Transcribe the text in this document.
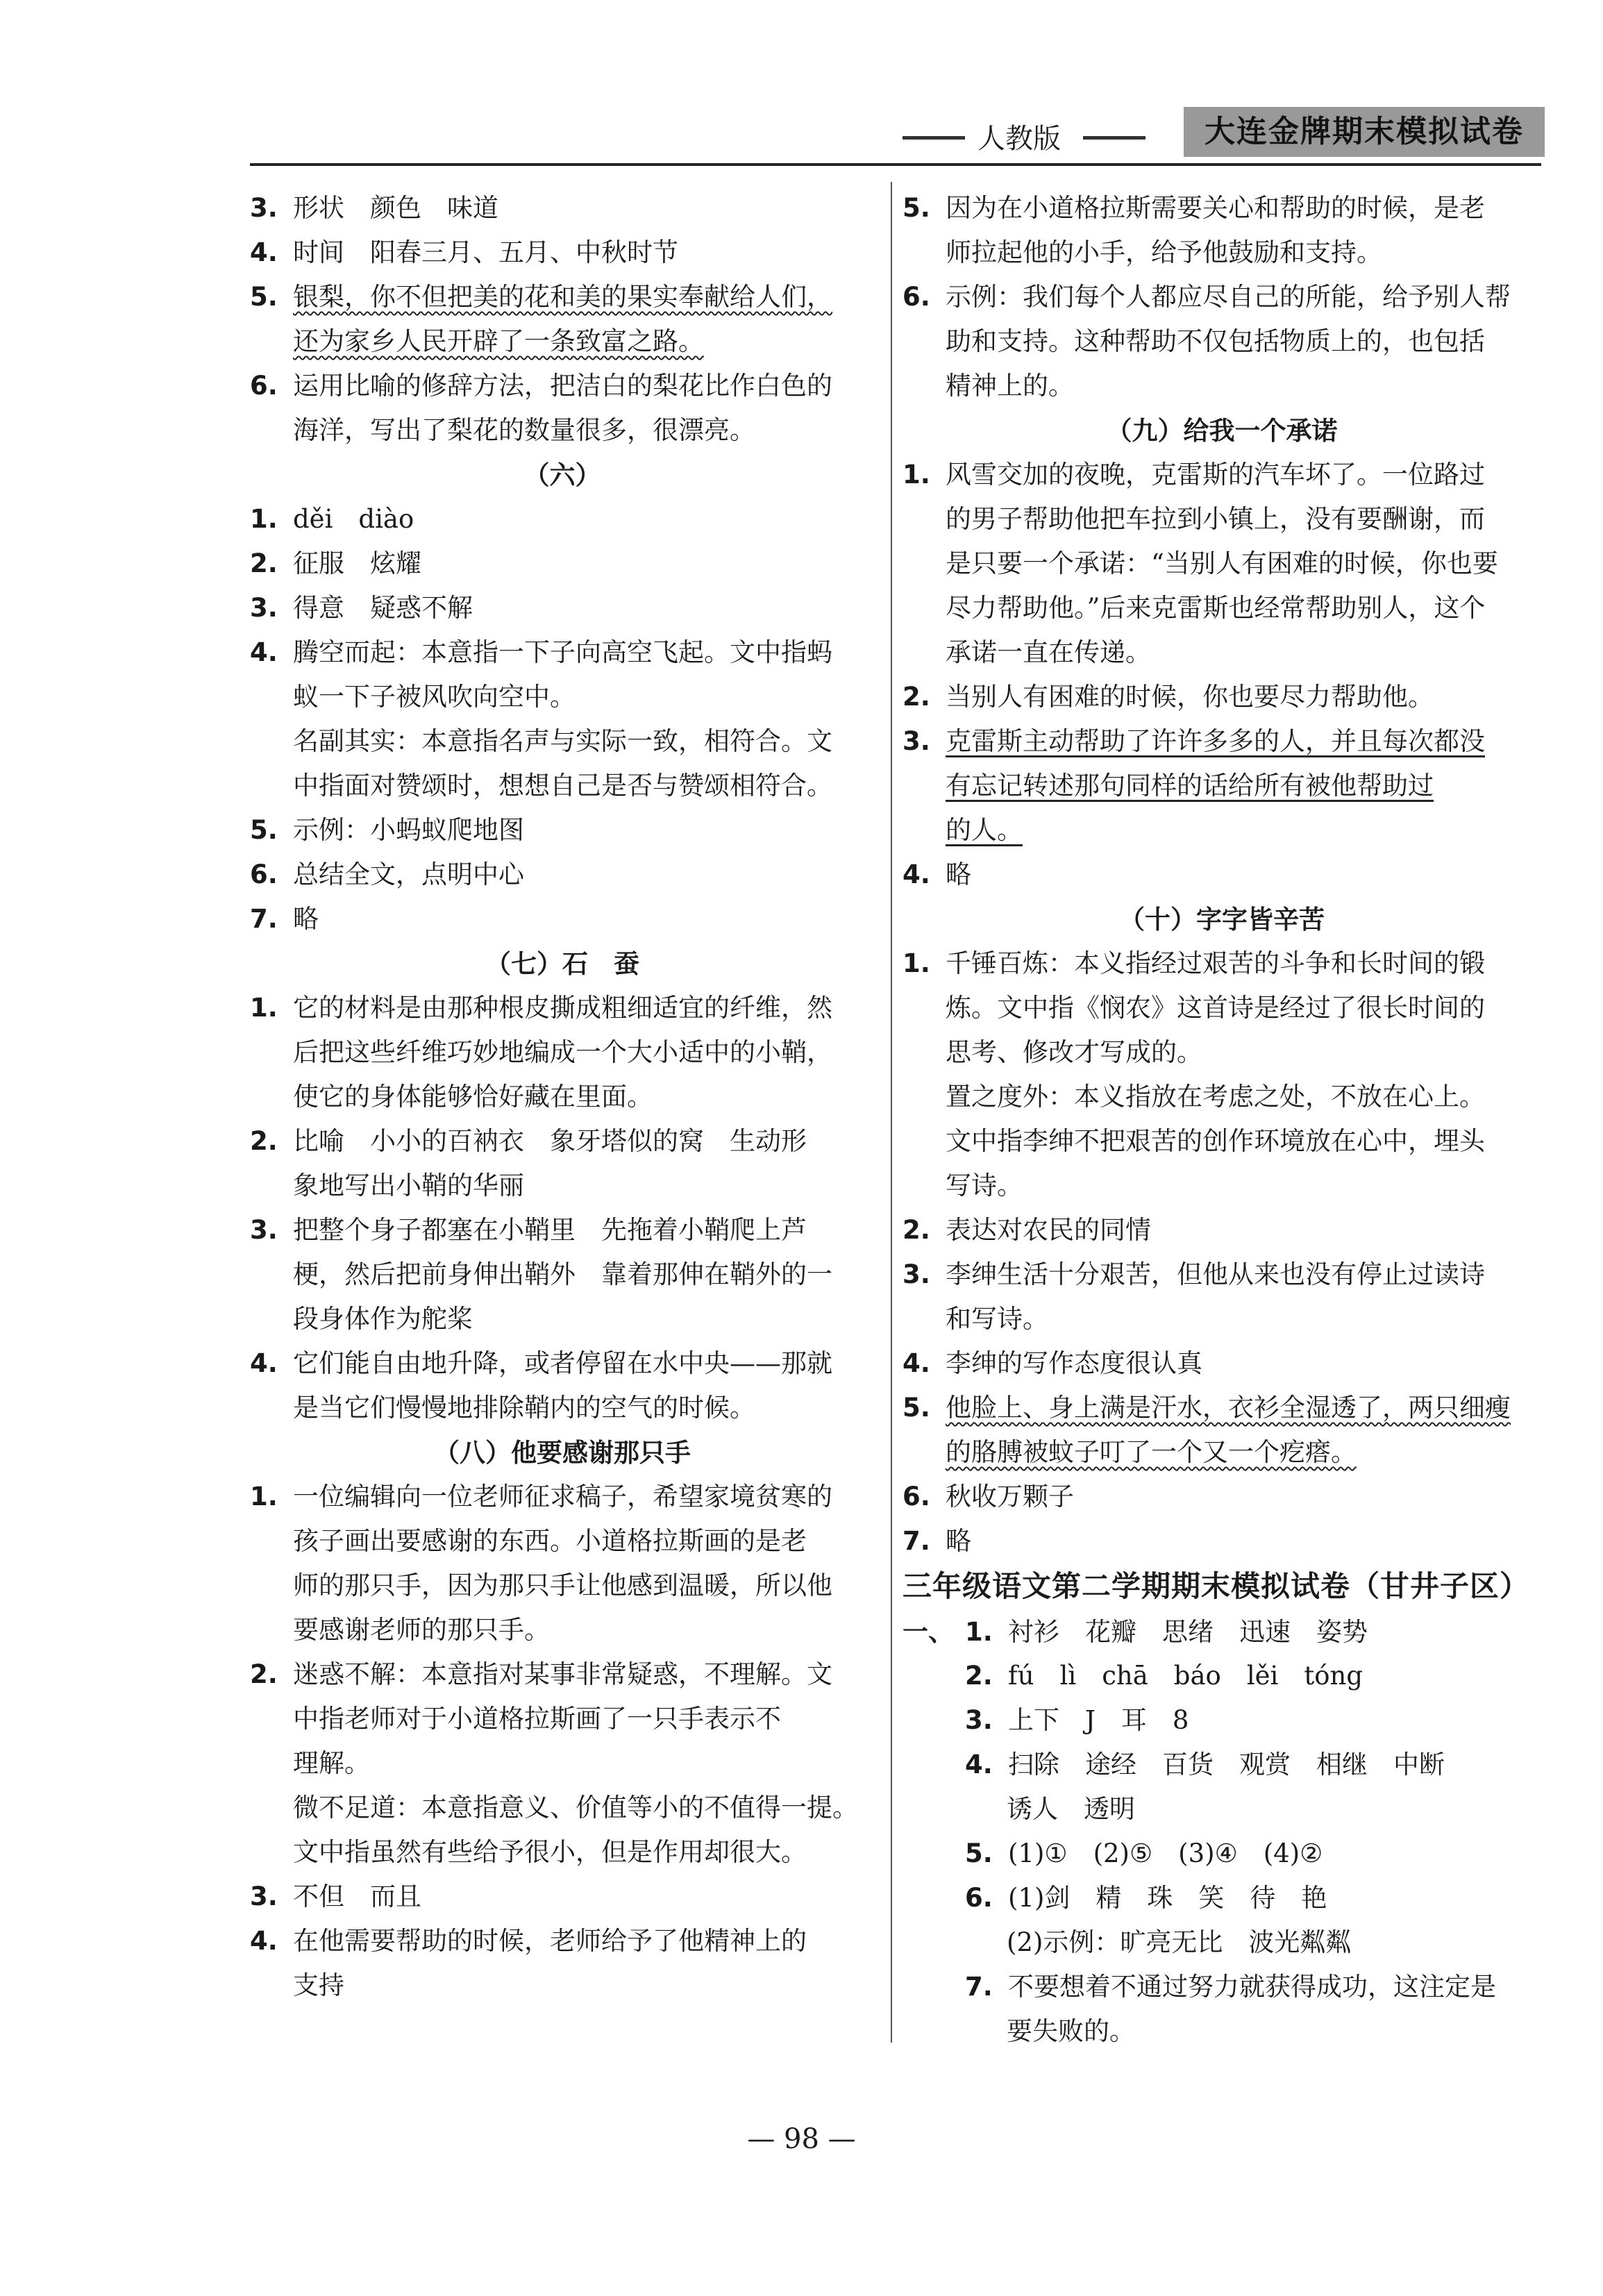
人教版	大连金牌期末模拟试卷
3. 形状　颜色　味道
4. 时间　阳春三月、五月、中秋时节
5. 银梨，你不但把美的花和美的果实奉献给人们，
还为家乡人民开辟了一条致富之路。
6. 运用比喻的修辞方法，把洁白的梨花比作白色的
海洋，写出了梨花的数量很多，很漂亮。
（六）
1. děi　diào
2. 征服　炫耀
3. 得意　疑惑不解
4. 腾空而起：本意指一下子向高空飞起。文中指蚂
蚁一下子被风吹向空中。
名副其实：本意指名声与实际一致，相符合。文
中指面对赞颂时，想想自己是否与赞颂相符合。
5. 示例：小蚂蚁爬地图
6. 总结全文，点明中心
7. 略
（七）石　蚕
1. 它的材料是由那种根皮撕成粗细适宜的纤维，然
后把这些纤维巧妙地编成一个大小适中的小鞘，
使它的身体能够恰好藏在里面。
2. 比喻　小小的百衲衣　象牙塔似的窝　生动形
象地写出小鞘的华丽
3. 把整个身子都塞在小鞘里　先拖着小鞘爬上芦
梗，然后把前身伸出鞘外　靠着那伸在鞘外的一
段身体作为舵桨
4. 它们能自由地升降，或者停留在水中央——那就
是当它们慢慢地排除鞘内的空气的时候。
（八）他要感谢那只手
1. 一位编辑向一位老师征求稿子，希望家境贫寒的
孩子画出要感谢的东西。小道格拉斯画的是老
师的那只手，因为那只手让他感到温暖，所以他
要感谢老师的那只手。
2. 迷惑不解：本意指对某事非常疑惑，不理解。文
中指老师对于小道格拉斯画了一只手表示不
理解。
微不足道：本意指意义、价值等小的不值得一提。
文中指虽然有些给予很小，但是作用却很大。
3. 不但　而且
4. 在他需要帮助的时候，老师给予了他精神上的
支持
5. 因为在小道格拉斯需要关心和帮助的时候，是老
师拉起他的小手，给予他鼓励和支持。
6. 示例：我们每个人都应尽自己的所能，给予别人帮
助和支持。这种帮助不仅包括物质上的，也包括
精神上的。
（九）给我一个承诺
1. 风雪交加的夜晚，克雷斯的汽车坏了。一位路过
的男子帮助他把车拉到小镇上，没有要酬谢，而
是只要一个承诺：“当别人有困难的时候，你也要
尽力帮助他。”后来克雷斯也经常帮助别人，这个
承诺一直在传递。
2. 当别人有困难的时候，你也要尽力帮助他。
3. 克雷斯主动帮助了许许多多的人，并且每次都没
有忘记转述那句同样的话给所有被他帮助过
的人。
4. 略
（十）字字皆辛苦
1. 千锤百炼：本义指经过艰苦的斗争和长时间的锻
炼。文中指《悯农》这首诗是经过了很长时间的
思考、修改才写成的。
置之度外：本义指放在考虑之处，不放在心上。
文中指李绅不把艰苦的创作环境放在心中，埋头
写诗。
2. 表达对农民的同情
3. 李绅生活十分艰苦，但他从来也没有停止过读诗
和写诗。
4. 李绅的写作态度很认真
5. 他脸上、身上满是汗水，衣衫全湿透了，两只细瘦
的胳膊被蚊子叮了一个又一个疙瘩。
6. 秋收万颗子
7. 略
三年级语文第二学期期末模拟试卷（甘井子区）
一、 1. 衬衫　花瓣　思绪　迅速　姿势
2. fú　lì　chā　báo　lěi　tóng
3. 上下　J　耳　8
4. 扫除　途经　百货　观赏　相继　中断
诱人　透明
5. (1)①　(2)⑤　(3)④　(4)②
6. (1)剑　精　珠　笑　待　艳
(2)示例：旷亮无比　波光粼粼
7. 不要想着不通过努力就获得成功，这注定是
要失败的。
— 98 —
